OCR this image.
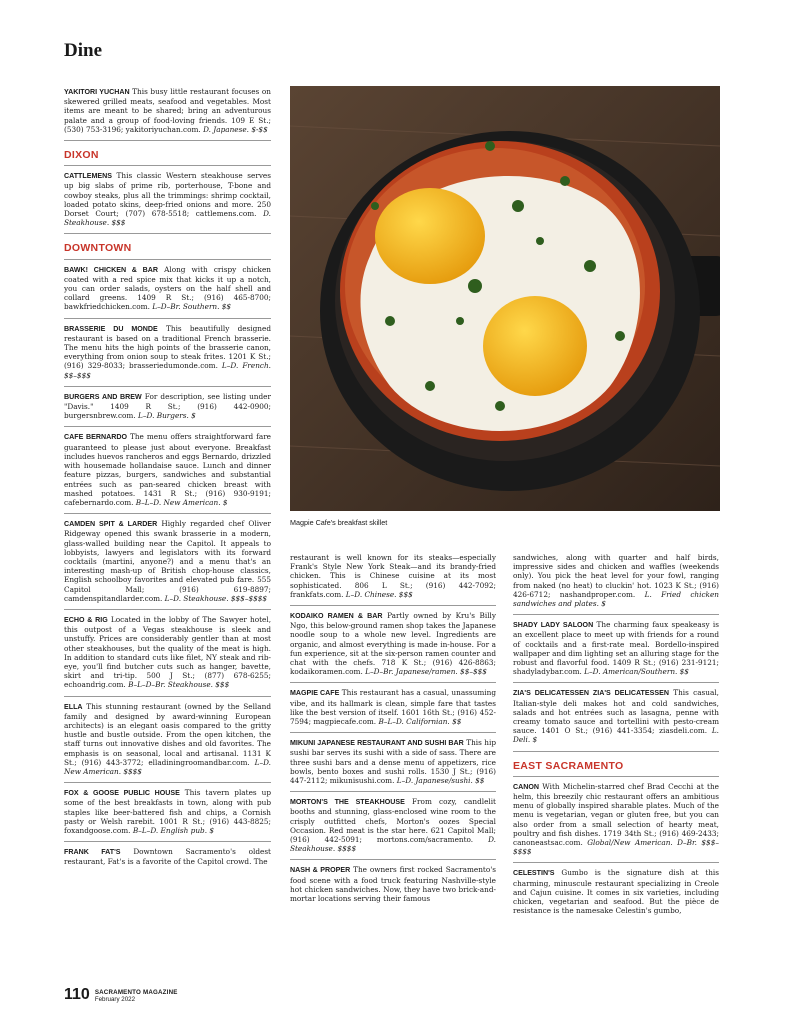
Dine
YAKITORI YUCHAN This busy little restaurant focuses on skewered grilled meats, seafood and vegetables. Most items are meant to be shared; bring an adventurous palate and a group of food-loving friends. 109 E St.; (530) 753-3196; yakitoriyuchan.com. D. Japanese. $-$$
DIXON
CATTLEMENS This classic Western steakhouse serves up big slabs of prime rib, porterhouse, T-bone and cowboy steaks, plus all the trimmings: shrimp cocktail, loaded potato skins, deep-fried onions and more. 250 Dorset Court; (707) 678-5518; cattlemens.com. D. Steakhouse. $$$
DOWNTOWN
BAWK! CHICKEN & BAR Along with crispy chicken coated with a red spice mix that kicks it up a notch, you can order salads, oysters on the half shell and collard greens. 1409 R St.; (916) 465-8700; bawkfriedchicken.com. L–D–Br. Southern. $$
BRASSERIE DU MONDE This beautifully designed restaurant is based on a traditional French brasserie. The menu hits the high points of the brasserie canon, everything from onion soup to steak frites. 1201 K St.; (916) 329-8033; brasseriedumonde.com. L–D. French. $$–$$$
BURGERS AND BREW For description, see listing under "Davis." 1409 R St.; (916) 442-0900; burgersnbrew.com. L–D. Burgers. $
CAFE BERNARDO The menu offers straightforward fare guaranteed to please just about everyone. Breakfast includes huevos rancheros and eggs Bernardo, drizzled with housemade hollandaise sauce. Lunch and dinner feature pizzas, burgers, sandwiches and substantial entrées such as pan-seared chicken breast with mashed potatoes. 1431 R St.; (916) 930-9191; cafebernardo.com. B–L–D. New American. $
CAMDEN SPIT & LARDER Highly regarded chef Oliver Ridgeway opened this swank brasserie in a modern, glass-walled building near the Capitol. It appeals to lobbyists, lawyers and legislators with its forward cocktails (martini, anyone?) and a menu that's an interesting mash-up of British chop-house classics, English schoolboy favorites and elevated pub fare. 555 Capitol Mall; (916) 619-8897; camdenspitandlarder.com. L–D. Steakhouse. $$$–$$$$
ECHO & RIG Located in the lobby of The Sawyer hotel, this outpost of a Vegas steakhouse is sleek and unstuffy. Prices are considerably gentler than at most other steakhouses, but the quality of the meat is high. In addition to standard cuts like filet, NY steak and rib-eye, you'll find butcher cuts such as hanger, bavette, skirt and tri-tip. 500 J St.; (877) 678-6255; echoandrig.com. B–L–D–Br. Steakhouse. $$$
ELLA This stunning restaurant (owned by the Selland family and designed by award-winning European architects) is an elegant oasis compared to the gritty hustle and bustle outside. From the open kitchen, the staff turns out innovative dishes and old favorites. The emphasis is on seasonal, local and artisanal. 1131 K St.; (916) 443-3772; elladiningroomandbar.com. L–D. New American. $$$$
FOX & GOOSE PUBLIC HOUSE This tavern plates up some of the best breakfasts in town, along with pub staples like beer-battered fish and chips, a Cornish pasty or Welsh rarebit. 1001 R St.; (916) 443-8825; foxandgoose.com. B–L–D. English pub. $
FRANK FAT'S Downtown Sacramento's oldest restaurant, Fat's is a favorite of the Capitol crowd. The
Magpie Cafe's breakfast skillet
restaurant is well known for its steaks—especially Frank's Style New York Steak—and its brandy-fried chicken. This is Chinese cuisine at its most sophisticated. 806 L St.; (916) 442-7092; frankfats.com. L–D. Chinese. $$$
KODAIKO RAMEN & BAR Partly owned by Kru's Billy Ngo, this below-ground ramen shop takes the Japanese noodle soup to a whole new level. Ingredients are organic, and almost everything is made in-house. For a fun experience, sit at the six-person ramen counter and chat with the chefs. 718 K St.; (916) 426-8863; kodaikoramen.com. L–D–Br. Japanese/ramen. $$–$$$
MAGPIE CAFE This restaurant has a casual, unassuming vibe, and its hallmark is clean, simple fare that tastes like the best version of itself. 1601 16th St.; (916) 452-7594; magpiecafe.com. B–L–D. Californian. $$
MIKUNI JAPANESE RESTAURANT AND SUSHI BAR This hip sushi bar serves its sushi with a side of sass. There are three sushi bars and a dense menu of appetizers, rice bowls, bento boxes and sushi rolls. 1530 J St.; (916) 447-2112; mikunisushi.com. L–D. Japanese/sushi. $$
MORTON'S THE STEAKHOUSE From cozy, candlelit booths and stunning, glass-enclosed wine room to the crisply outfitted chefs, Morton's oozes Special Occasion. Red meat is the star here. 621 Capitol Mall; (916) 442-5091; mortons.com/sacramento. D. Steakhouse. $$$$
NASH & PROPER The owners first rocked Sacramento's food scene with a food truck featuring Nashville-style hot chicken sandwiches. Now, they have two brick-and-mortar locations serving their famous
sandwiches, along with quarter and half birds, impressive sides and chicken and waffles (weekends only). You pick the heat level for your fowl, ranging from naked (no heat) to cluckin' hot. 1023 K St.; (916) 426-6712; nashandproper.com. L. Fried chicken sandwiches and plates. $
SHADY LADY SALOON The charming faux speakeasy is an excellent place to meet up with friends for a round of cocktails and a first-rate meal. Bordello-inspired wallpaper and dim lighting set an alluring stage for the robust and flavorful food. 1409 R St.; (916) 231-9121; shadyladybar.com. L–D. American/Southern. $$
ZIA'S DELICATESSEN ZIA'S DELICATESSEN This casual, Italian-style deli makes hot and cold sandwiches, salads and hot entrées such as lasagna, penne with creamy tomato sauce and tortellini with pesto-cream sauce. 1401 O St.; (916) 441-3354; ziasdeli.com. L. Deli. $
EAST SACRAMENTO
CANON With Michelin-starred chef Brad Cecchi at the helm, this breezily chic restaurant offers an ambitious menu of globally inspired sharable plates. Much of the menu is vegetarian, vegan or gluten free, but you can also order from a small selection of hearty meat, poultry and fish dishes. 1719 34th St.; (916) 469-2433; canoneastsac.com. Global/New American. D–Br. $$$–$$$$
CELESTIN'S Gumbo is the signature dish at this charming, minuscule restaurant specializing in Creole and Cajun cuisine. It comes in six varieties, including chicken, vegetarian and seafood. But the pièce de resistance is the namesake Celestin's gumbo,
110 SACRAMENTO MAGAZINE
February 2022
